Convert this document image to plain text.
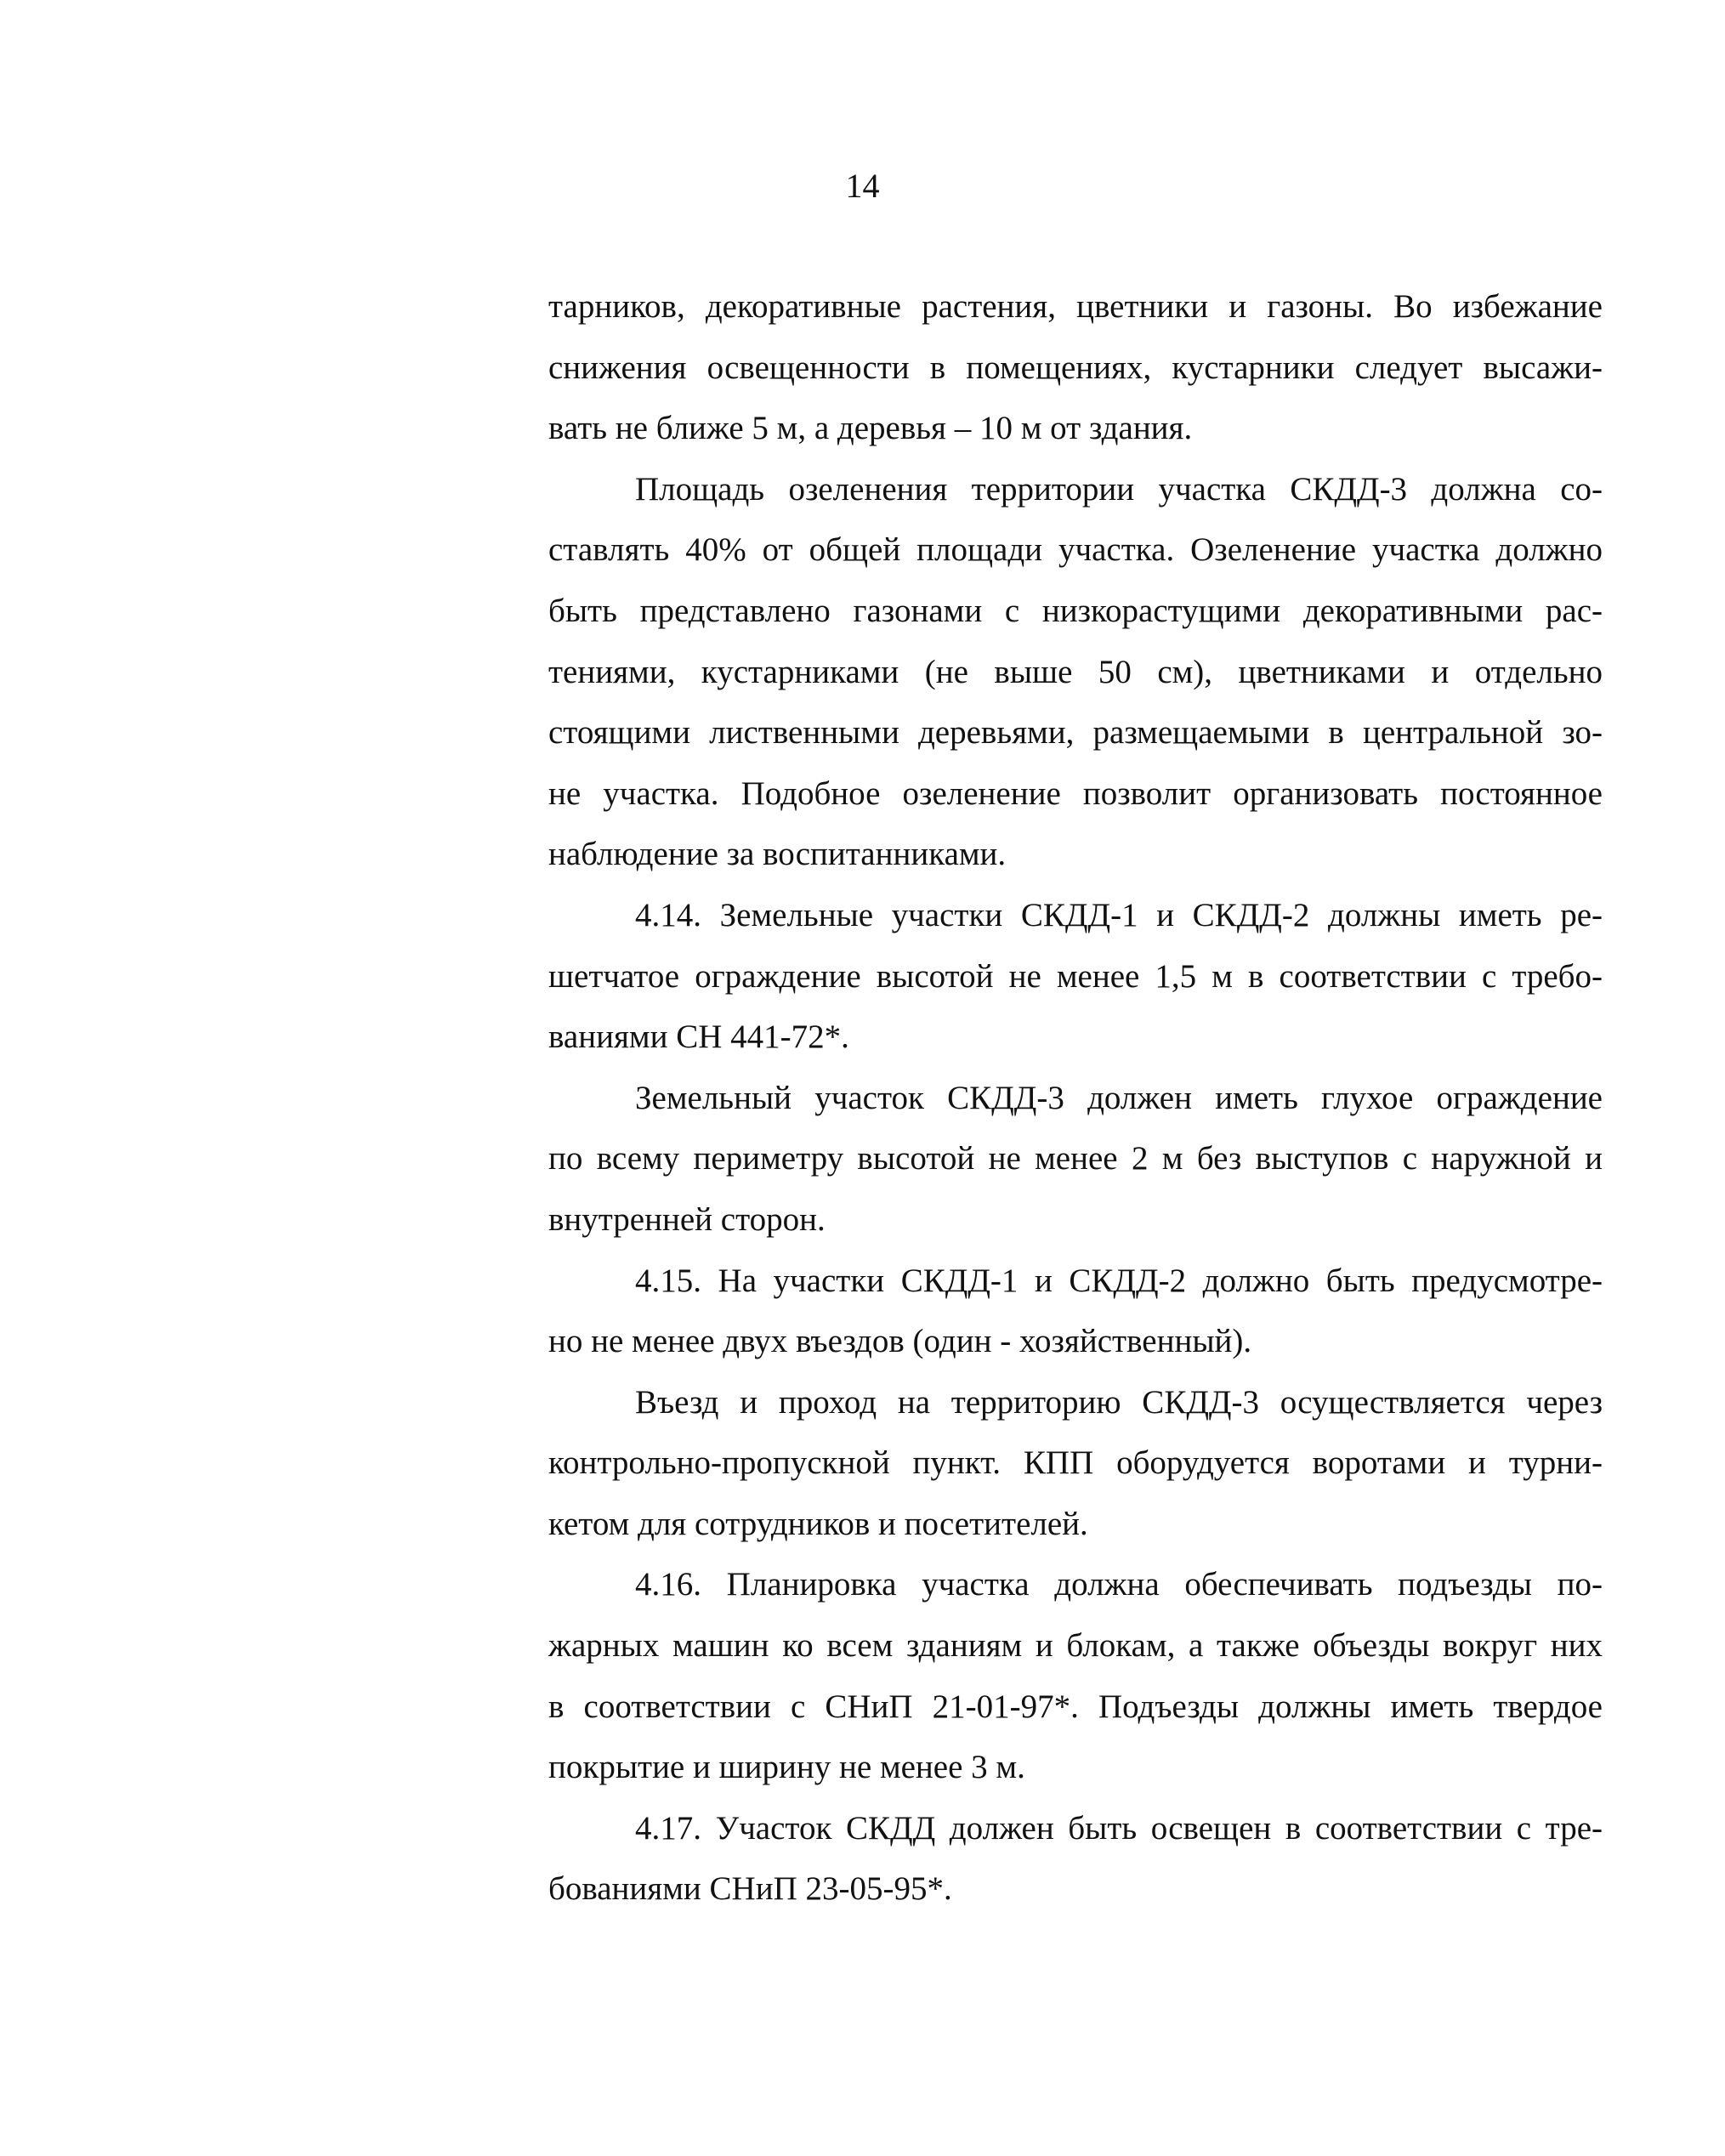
14
тарников, декоративные растения, цветники и газоны. Во избежание
снижения освещенности в помещениях, кустарники следует высажи-
вать не ближе 5 м, а деревья – 10 м от здания.
Площадь озеленения территории участка СКДД-3 должна со-
ставлять 40% от общей площади участка. Озеленение участка должно
быть представлено газонами с низкорастущими декоративными рас-
тениями, кустарниками (не выше 50 см), цветниками и отдельно
стоящими лиственными деревьями, размещаемыми в центральной зо-
не участка. Подобное озеленение позволит организовать постоянное
наблюдение за воспитанниками.
4.14. Земельные участки СКДД-1 и СКДД-2 должны иметь ре-
шетчатое ограждение высотой не менее 1,5 м в соответствии с требо-
ваниями СН 441-72*.
Земельный участок СКДД-3 должен иметь глухое ограждение
по всему периметру высотой не менее 2 м без выступов с наружной и
внутренней сторон.
4.15. На участки СКДД-1 и СКДД-2 должно быть предусмотре-
но не менее двух въездов (один - хозяйственный).
Въезд и проход на территорию СКДД-3 осуществляется через
контрольно-пропускной пункт. КПП оборудуется воротами и турни-
кетом для сотрудников и посетителей.
4.16. Планировка участка должна обеспечивать подъезды по-
жарных машин ко всем зданиям и блокам, а также объезды вокруг них
в соответствии с СНиП 21-01-97*. Подъезды должны иметь твердое
покрытие и ширину не менее 3 м.
4.17. Участок СКДД должен быть освещен в соответствии с тре-
бованиями СНиП 23-05-95*.
